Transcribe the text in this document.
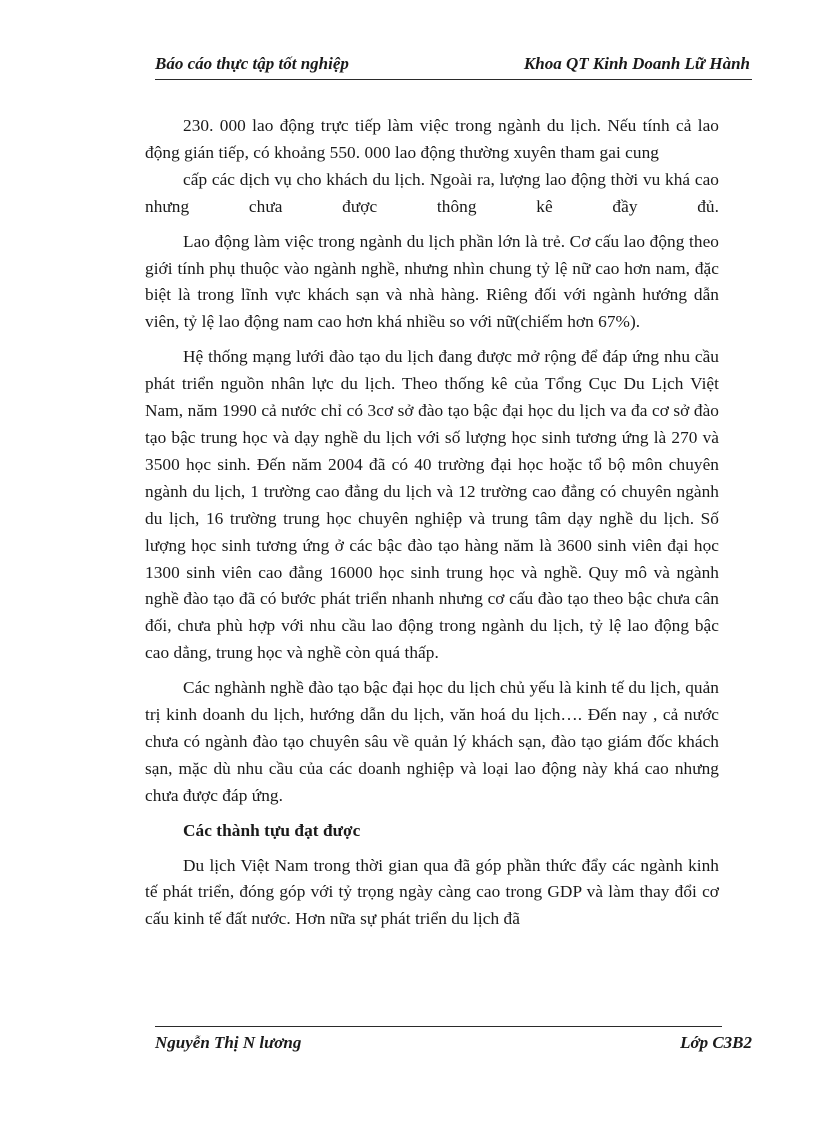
Báo cáo thực tập tốt nghiệp	Khoa QT Kinh Doanh Lữ Hành

230. 000 lao động trực tiếp làm việc trong ngành du lịch. Nếu tính cả lao động gián tiếp, có khoảng 550. 000 lao động thường xuyên tham gai cung

cấp các dịch vụ cho khách du lịch. Ngoài ra, lượng lao động thời vu khá cao nhưng chưa được thông kê đầy đủ.

Lao động làm việc trong ngành du lịch phần lớn là trẻ. Cơ cấu lao động theo giới tính phụ thuộc vào ngành nghề, nhưng nhìn chung tỷ lệ nữ cao hơn nam, đặc biệt là trong lĩnh vực khách sạn và nhà hàng. Riêng đối với ngành hướng dẫn viên, tỷ lệ lao động nam cao hơn khá nhiều so với nữ(chiếm hơn 67%).

Hệ thống mạng lưới đào tạo du lịch đang được mở rộng để đáp ứng nhu cầu phát triển nguồn nhân lực du lịch. Theo thống kê của Tổng Cục Du Lịch Việt Nam, năm 1990 cả nước chỉ có 3cơ sở đào tạo bậc đại học du lịch va đa cơ sở đào tạo bậc trung học và dạy nghề du lịch với số lượng học sinh tương ứng là 270 và 3500 học sinh. Đến năm 2004 đã có 40 trường đại học hoặc tổ bộ môn chuyên ngành du lịch, 1 trường cao đẳng du lịch và 12 trường cao đẳng có chuyên ngành du lịch, 16 trường trung học chuyên nghiệp và trung tâm dạy nghề du lịch. Số lượng học sinh tương ứng ở các bậc đào tạo hàng năm là 3600 sinh viên đại học 1300 sinh viên cao đẳng 16000 học sinh trung học và nghề. Quy mô và ngành nghề đào tạo đã có bước phát triển nhanh nhưng cơ cấu đào tạo theo bậc chưa cân đối, chưa phù hợp với nhu cầu lao động trong ngành du lịch, tỷ lệ lao động bậc cao dẳng, trung học và nghề còn quá thấp.

Các nghành nghề đào tạo bậc đại học du lịch chủ yếu là kinh tế du lịch, quản trị kinh doanh du lịch, hướng dẫn du lịch, văn hoá du lịch…. Đến nay , cả nước chưa có ngành đào tạo chuyên sâu về quản lý khách sạn, đào tạo giám đốc khách sạn, mặc dù nhu cầu của các doanh nghiệp và loại lao động này khá cao nhưng chưa được đáp ứng.

Các thành tựu đạt được

Du lịch Việt Nam trong thời gian qua đã góp phần thức đẩy các ngành kinh tế phát triển, đóng góp với tỷ trọng ngày càng cao trong GDP và làm thay đổi cơ cấu kinh tế đất nước. Hơn nữa sự phát triển du lịch đã

Nguyễn Thị N lương	Lớp C3B2
